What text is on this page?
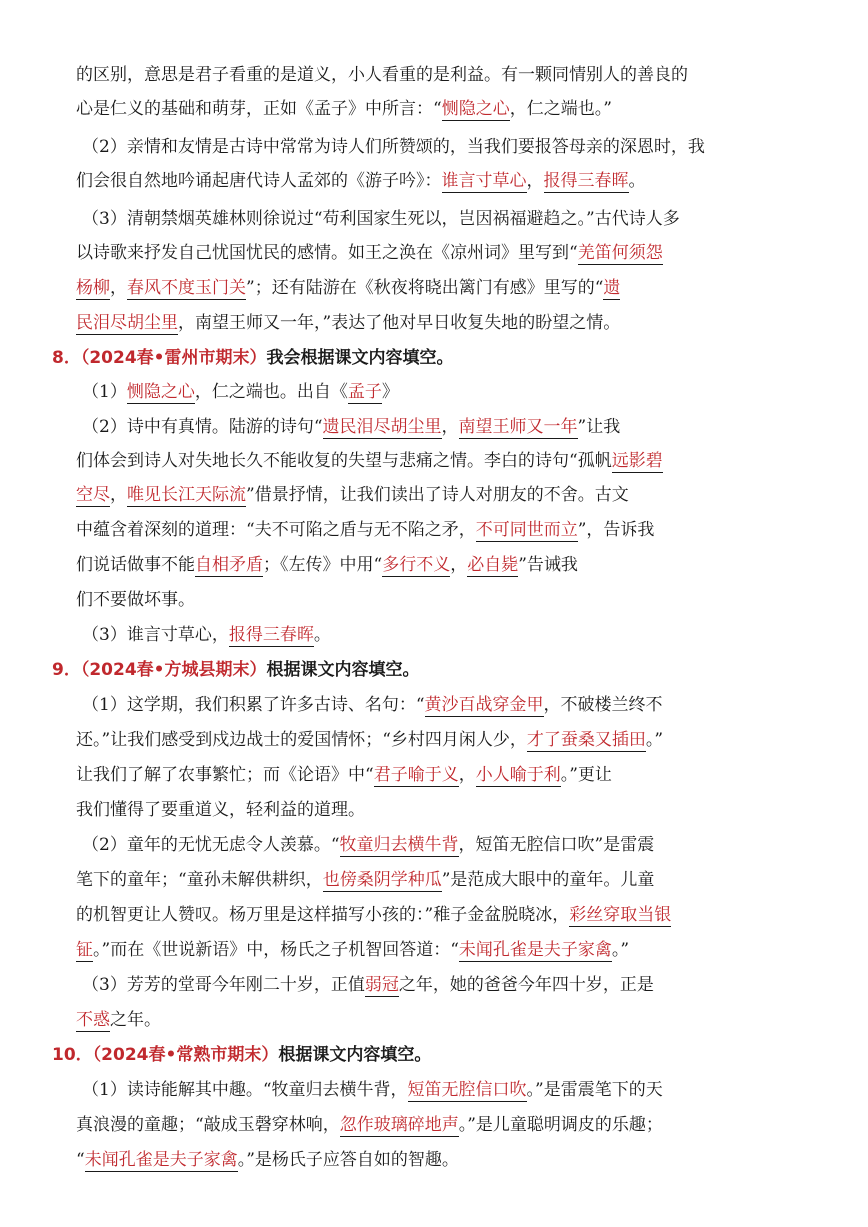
的区别，意思是君子看重的是道义，小人看重的是利益。有一颗同情别人的善良的
心是仁义的基础和萌芽，正如《孟子》中所言：“恻隐之心，仁之端也。”
（2）亲情和友情是古诗中常常为诗人们所赞颂的，当我们要报答母亲的深恩时，我
们会很自然地吟诵起唐代诗人孟郊的《游子吟》：谁言寸草心，报得三春晖。
（3）清朝禁烟英雄林则徐说过“苟利国家生死以，岂因祸福避趋之。”古代诗人多
以诗歌来抒发自己忧国忧民的感情。如王之涣在《凉州词》里写到“羌笛何须怨
杨柳，春风不度玉门关”；还有陆游在《秋夜将晓出篱门有感》里写的“遗
民泪尽胡尘里，南望王师又一年，”表达了他对早日收复失地的盼望之情。
8．（2024春•雷州市期末）我会根据课文内容填空。
（1）恻隐之心，仁之端也。出自《孟子》
（2）诗中有真情。陆游的诗句“遗民泪尽胡尘里，南望王师又一年”让我
们体会到诗人对失地长久不能收复的失望与悲痛之情。李白的诗句“孤帆远影碧
空尽，唯见长江天际流”借景抒情，让我们读出了诗人对朋友的不舍。古文
中蕴含着深刻的道理：“夫不可陷之盾与无不陷之矛，不可同世而立”，告诉我
们说话做事不能自相矛盾；《左传》中用“多行不义，必自毙”告诫我
们不要做坏事。
（3）谁言寸草心，报得三春晖。
9．（2024春•方城县期末）根据课文内容填空。
（1）这学期，我们积累了许多古诗、名句：“黄沙百战穿金甲，不破楼兰终不
还。”让我们感受到戍边战士的爱国情怀；“乡村四月闲人少，才了蚕桑又插田。”
让我们了解了农事繁忙；而《论语》中“君子喻于义，小人喻于利。”更让
我们懂得了要重道义，轻利益的道理。
（2）童年的无忧无虑令人羡慕。“牧童归去横牛背，短笛无腔信口吹”是雷震
笔下的童年；“童孙未解供耕织，也傍桑阴学种瓜”是范成大眼中的童年。儿童
的机智更让人赞叹。杨万里是这样描写小孩的：”稚子金盆脱晓冰，彩丝穿取当银
钲。”而在《世说新语》中，杨氏之子机智回答道：“未闻孔雀是夫子家禽。”
（3）芳芳的堂哥今年刚二十岁，正值弱冠之年，她的爸爸今年四十岁，正是
不惑之年。
10．（2024春•常熟市期末）根据课文内容填空。
（1）读诗能解其中趣。“牧童归去横牛背，短笛无腔信口吹。”是雷震笔下的天
真浪漫的童趣；“敲成玉磬穿林响，忽作玻璃碎地声。”是儿童聪明调皮的乐趣；
“未闻孔雀是夫子家禽。”是杨氏子应答自如的智趣。
